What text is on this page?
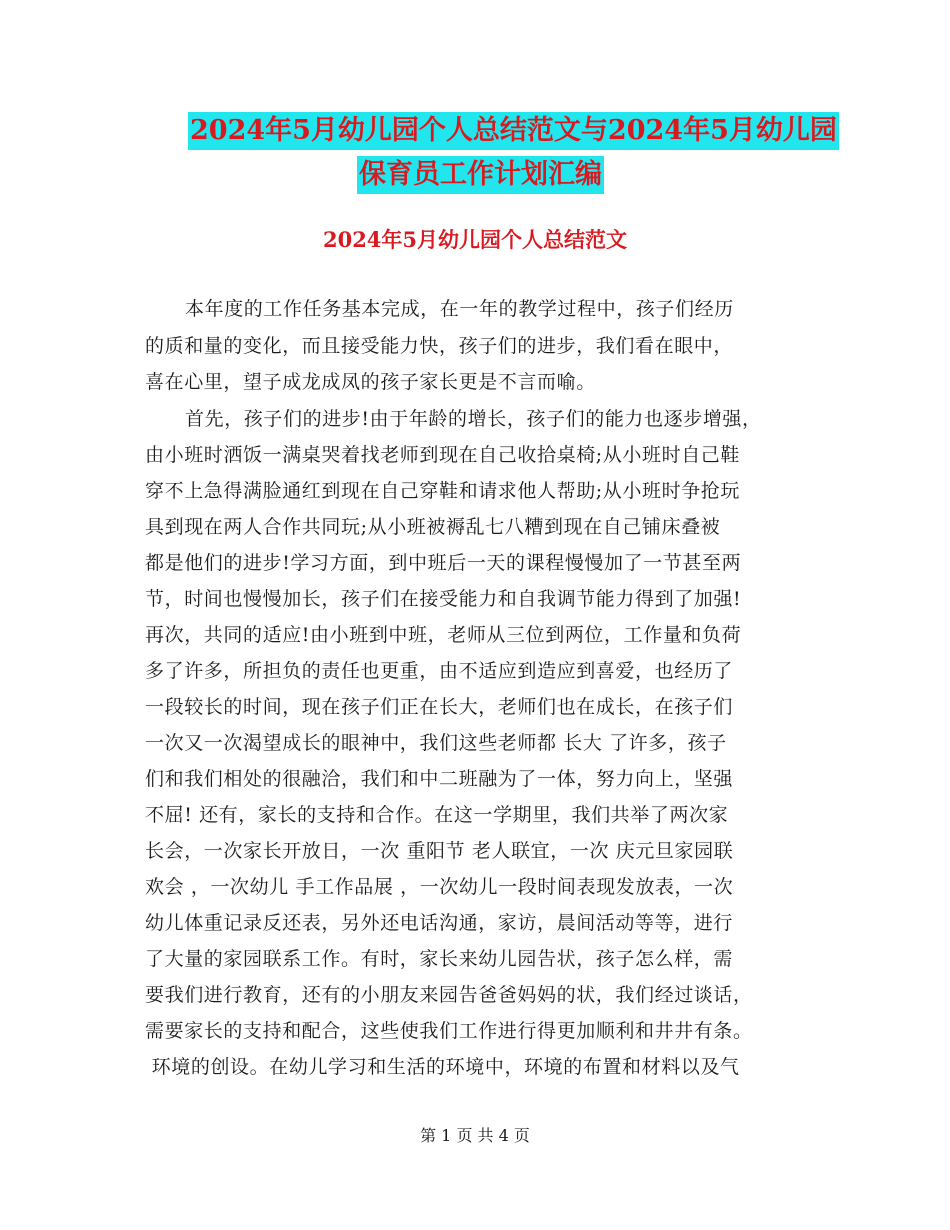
2024年5月幼儿园个人总结范文与2024年5月幼儿园
保育员工作计划汇编
2024年5月幼儿园个人总结范文
本年度的工作任务基本完成，在一年的教学过程中，孩子们经历
的质和量的变化，而且接受能力快，孩子们的进步，我们看在眼中，
喜在心里，望子成龙成凤的孩子家长更是不言而喻。
首先，孩子们的进步!由于年龄的增长，孩子们的能力也逐步增强，
由小班时洒饭一满桌哭着找老师到现在自己收拾桌椅;从小班时自己鞋
穿不上急得满脸通红到现在自己穿鞋和请求他人帮助;从小班时争抢玩
具到现在两人合作共同玩;从小班被褥乱七八糟到现在自己铺床叠被
都是他们的进步!学习方面，到中班后一天的课程慢慢加了一节甚至两
节，时间也慢慢加长，孩子们在接受能力和自我调节能力得到了加强!
再次，共同的适应!由小班到中班，老师从三位到两位，工作量和负荷
多了许多，所担负的责任也更重，由不适应到造应到喜爱，也经历了
一段较长的时间，现在孩子们正在长大，老师们也在成长，在孩子们
一次又一次渴望成长的眼神中，我们这些老师都 长大 了许多，孩子
们和我们相处的很融洽，我们和中二班融为了一体，努力向上，坚强
不屈! 还有，家长的支持和合作。在这一学期里，我们共举了两次家
长会，一次家长开放日，一次 重阳节 老人联宜，一次 庆元旦家园联
欢会 ，一次幼儿 手工作品展 ，一次幼儿一段时间表现发放表，一次
幼儿体重记录反还表，另外还电话沟通，家访，晨间活动等等，进行
了大量的家园联系工作。有时，家长来幼儿园告状，孩子怎么样，需
要我们进行教育，还有的小朋友来园告爸爸妈妈的状，我们经过谈话，
需要家长的支持和配合，这些使我们工作进行得更加顺利和井井有条。
环境的创设。在幼儿学习和生活的环境中，环境的布置和材料以及气
第 1 页 共 4 页
